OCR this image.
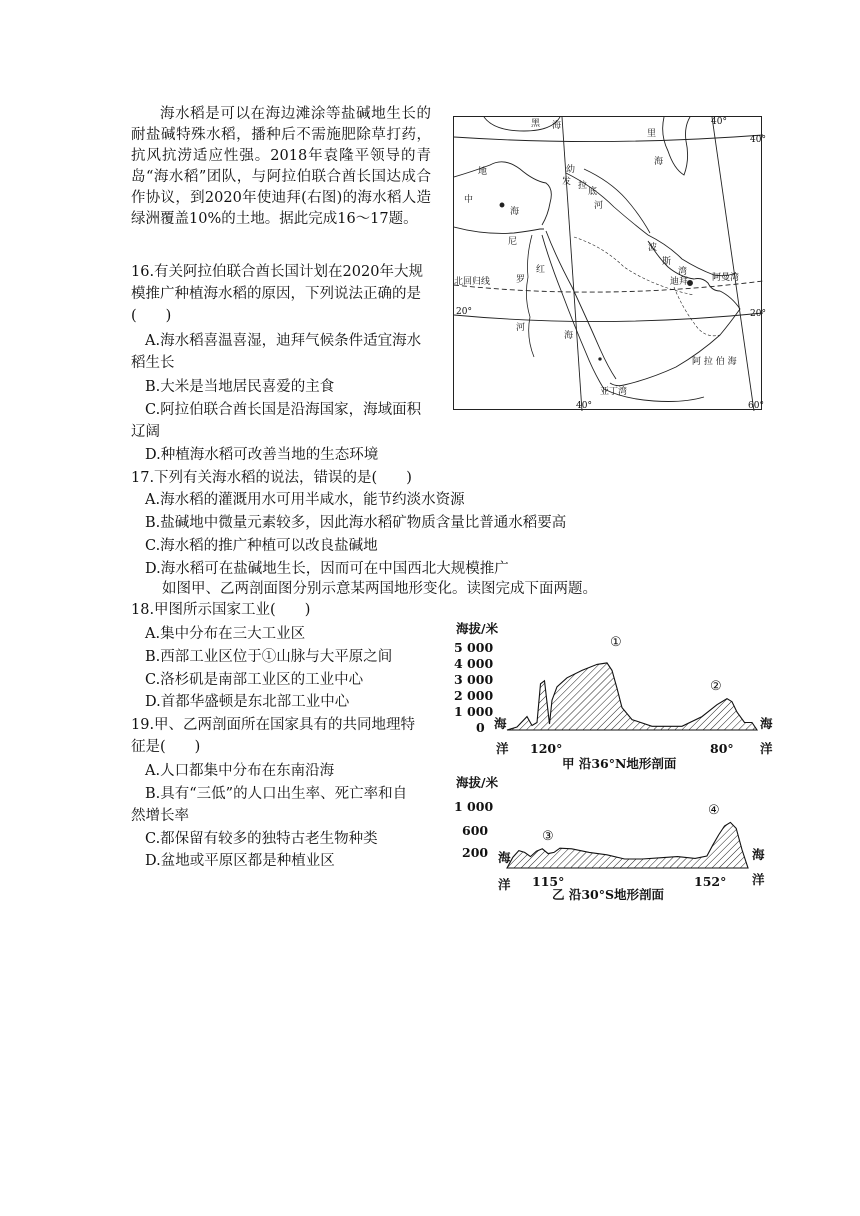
海水稻是可以在海边滩涂等盐碱地生长的耐盐碱特殊水稻，播种后不需施肥除草打药，抗风抗涝适应性强。2018年袁隆平领导的青岛“海水稻”团队，与阿拉伯联合酋长国达成合作协议，到2020年使迪拜(右图)的海水稻人造绿洲覆盖10%的土地。据此完成16～17题。
黑 海
里
海
40°
40°
地
中
海
幼
发 拉
底
河
尼
罗
红
河
海
波
斯
湾
迪拜	阿曼湾
北回归线
20°	20°
阿 拉 伯 海
亚丁湾
40°	60°
16.有关阿拉伯联合酋长国计划在2020年大规
模推广种植海水稻的原因，下列说法正确的是
(　　)
A.海水稻喜温喜湿，迪拜气候条件适宜海水
稻生长
B.大米是当地居民喜爱的主食
C.阿拉伯联合酋长国是沿海国家，海域面积
辽阔
D.种植海水稻可改善当地的生态环境
17.下列有关海水稻的说法，错误的是(　　)
A.海水稻的灌溉用水可用半咸水，能节约淡水资源
B.盐碱地中微量元素较多，因此海水稻矿物质含量比普通水稻要高
C.海水稻的推广种植可以改良盐碱地
D.海水稻可在盐碱地生长，因而可在中国西北大规模推广
如图甲、乙两剖面图分别示意某两国地形变化。读图完成下面两题。
18.甲图所示国家工业(　　)
A.集中分布在三大工业区
B.西部工业区位于①山脉与大平原之间
C.洛杉矶是南部工业区的工业中心
D.首都华盛顿是东北部工业中心
19.甲、乙两剖面所在国家具有的共同地理特
征是(　　)
A.人口都集中分布在东南沿海
B.具有“三低”的人口出生率、死亡率和自
然增长率
C.都保留有较多的独特古老生物种类
D.盆地或平原区都是种植业区
海拔/米
5 000
4 000
3 000
2 000
1 000
0 海
洋
海
洋
120°	80°
甲 沿36°N地形剖面
①
②
海拔/米
1 000
600
200 海
洋
海
洋
115°	152°
乙 沿30°S地形剖面
③
④
